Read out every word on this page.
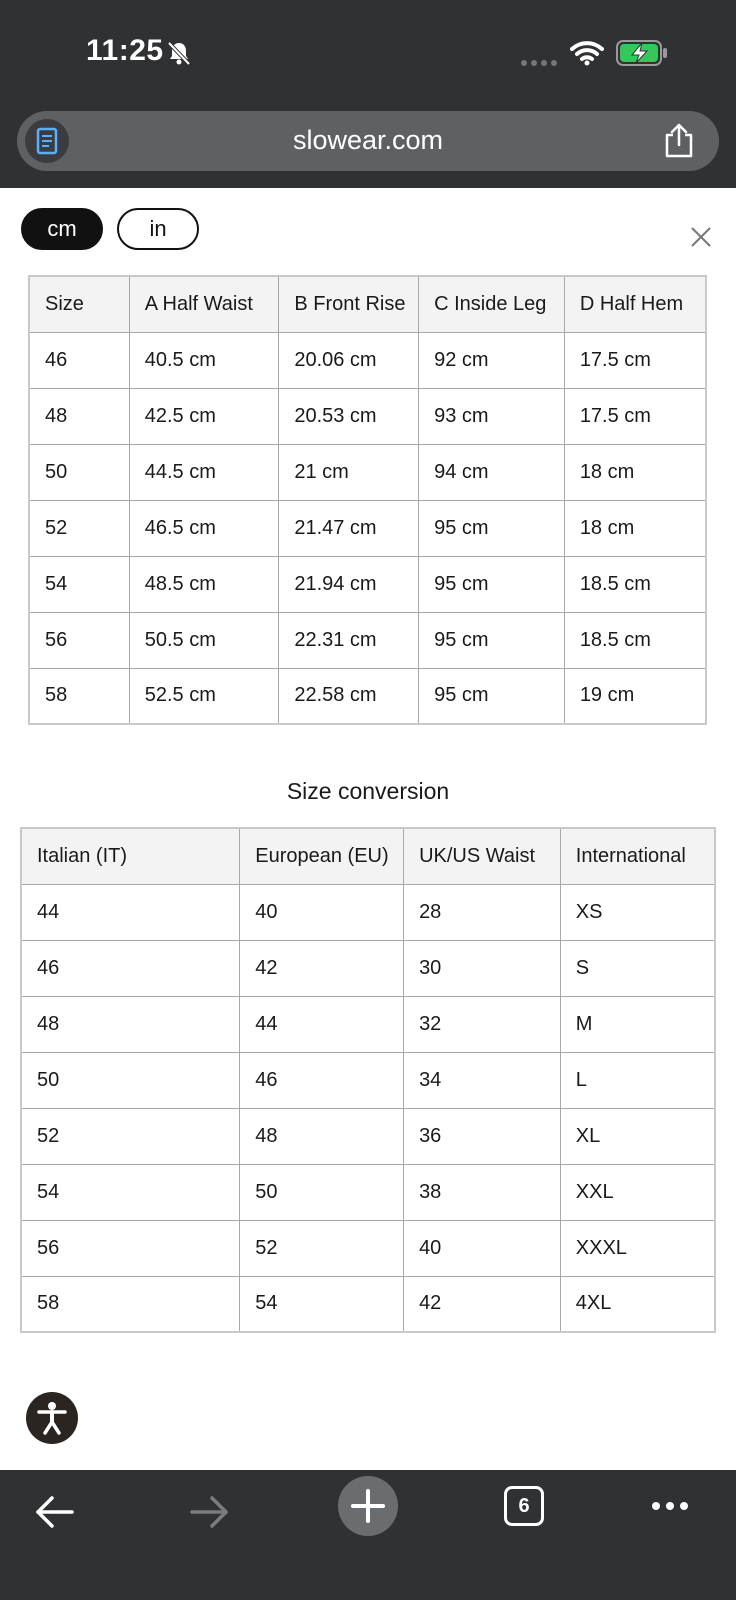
11:25
slowear.com
cm	in
Size	A Half Waist	B Front Rise	C Inside Leg	D Half Hem
46	40.5 cm	20.06 cm	92 cm	17.5 cm
48	42.5 cm	20.53 cm	93 cm	17.5 cm
50	44.5 cm	21 cm	94 cm	18 cm
52	46.5 cm	21.47 cm	95 cm	18 cm
54	48.5 cm	21.94 cm	95 cm	18.5 cm
56	50.5 cm	22.31 cm	95 cm	18.5 cm
58	52.5 cm	22.58 cm	95 cm	19 cm
Size conversion
Italian (IT)	European (EU)	UK/US Waist	International
44	40	28	XS
46	42	30	S
48	44	32	M
50	46	34	L
52	48	36	XL
54	50	38	XXL
56	52	40	XXXL
58	54	42	4XL
6
